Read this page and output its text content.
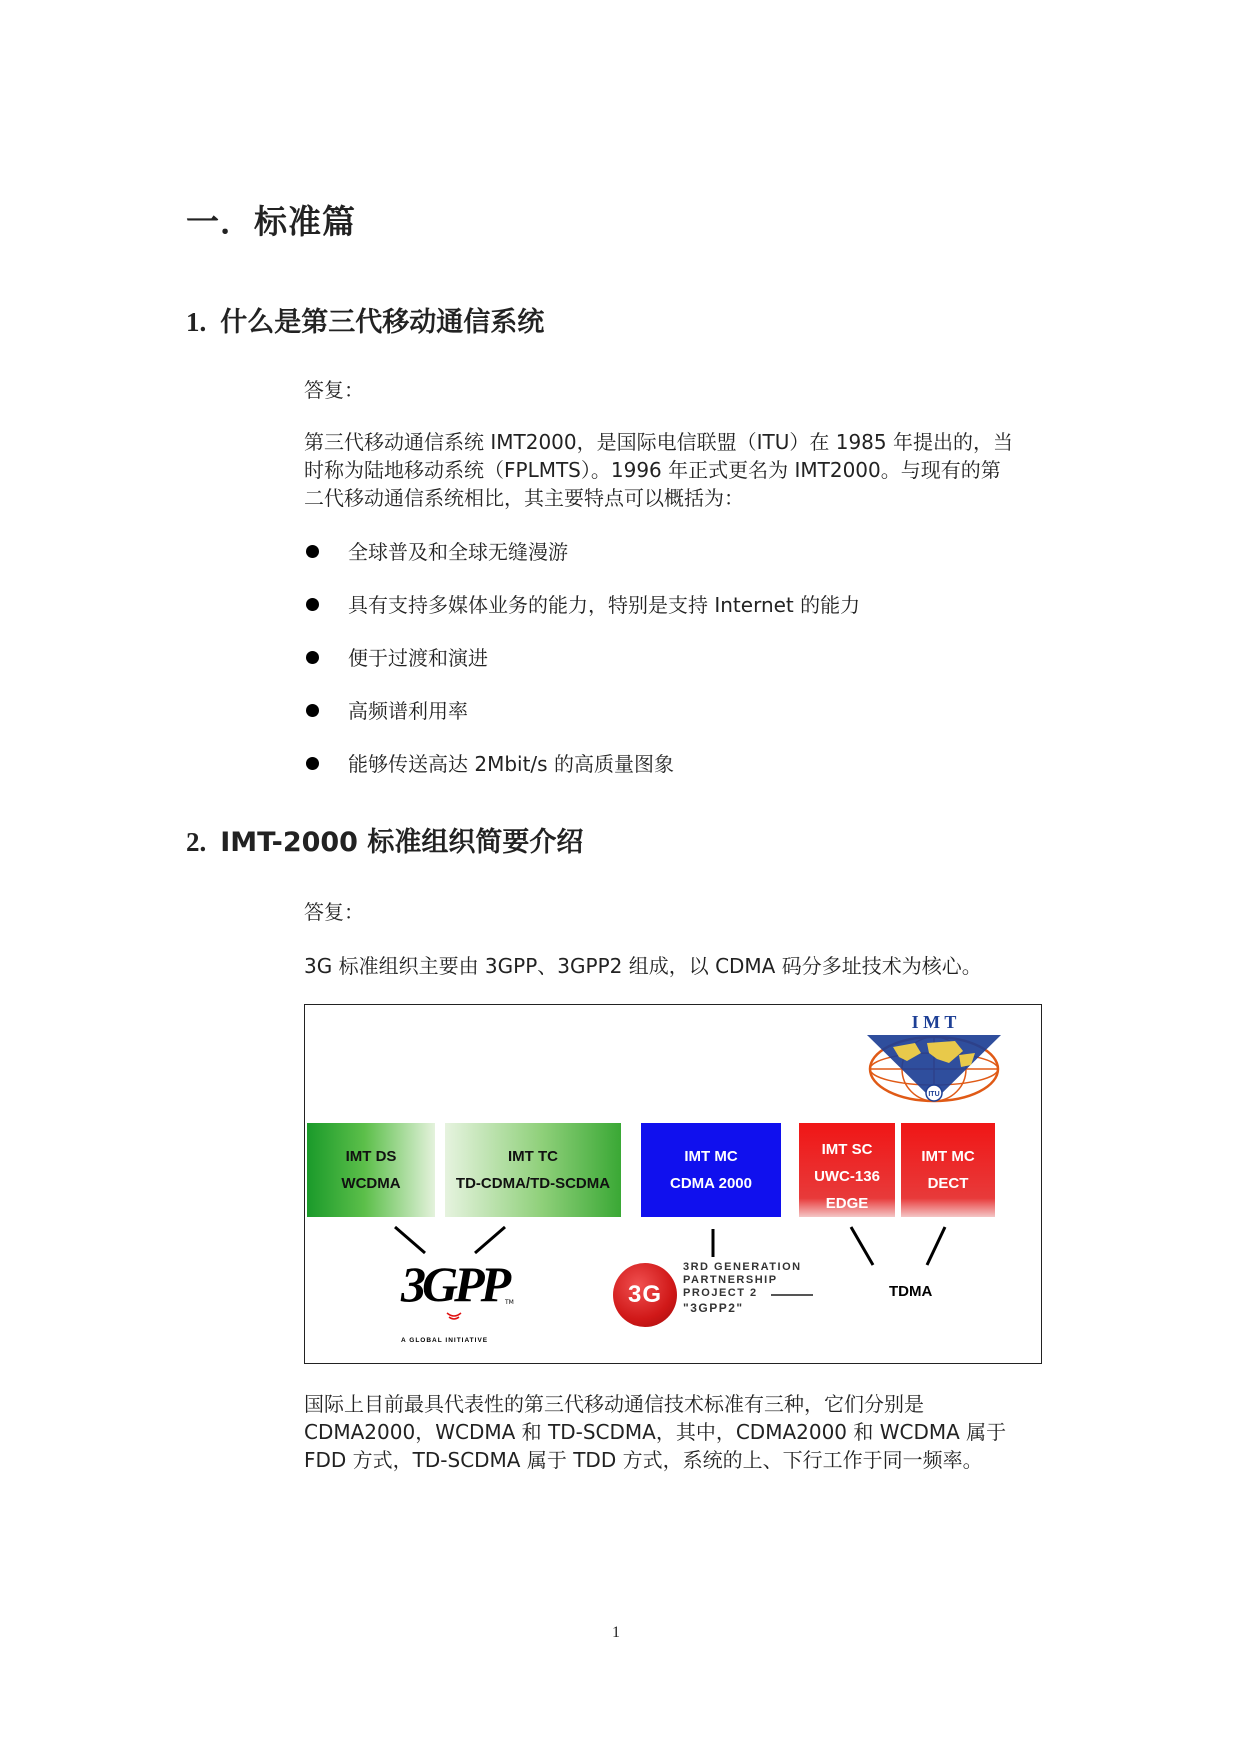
一．标准篇
1. 什么是第三代移动通信系统
答复：
第三代移动通信系统 IMT2000，是国际电信联盟（ITU）在 1985 年提出的，当
时称为陆地移动系统（FPLMTS）。1996 年正式更名为 IMT2000。与现有的第
二代移动通信系统相比，其主要特点可以概括为：
全球普及和全球无缝漫游
具有支持多媒体业务的能力，特别是支持 Internet 的能力
便于过渡和演进
高频谱利用率
能够传送高达 2Mbit/s 的高质量图象
2. IMT-2000 标准组织简要介绍
答复：
3G 标准组织主要由 3GPP、3GPP2 组成，以 CDMA 码分多址技术为核心。
I M T
ITU
IMT DS
WCDMA
IMT TC
TD-CDMA/TD-SCDMA
IMT MC
CDMA 2000
IMT SC
UWC-136
EDGE
IMT MC
DECT
3GPP
TM
A GLOBAL INITIATIVE
3G
3RD GENERATION
PARTNERSHIP
PROJECT 2
"3GPP2"
TDMA
国际上目前最具代表性的第三代移动通信技术标准有三种，它们分别是
CDMA2000，WCDMA 和 TD-SCDMA，其中，CDMA2000 和 WCDMA 属于
FDD 方式，TD-SCDMA 属于 TDD 方式，系统的上、下行工作于同一频率。
1
